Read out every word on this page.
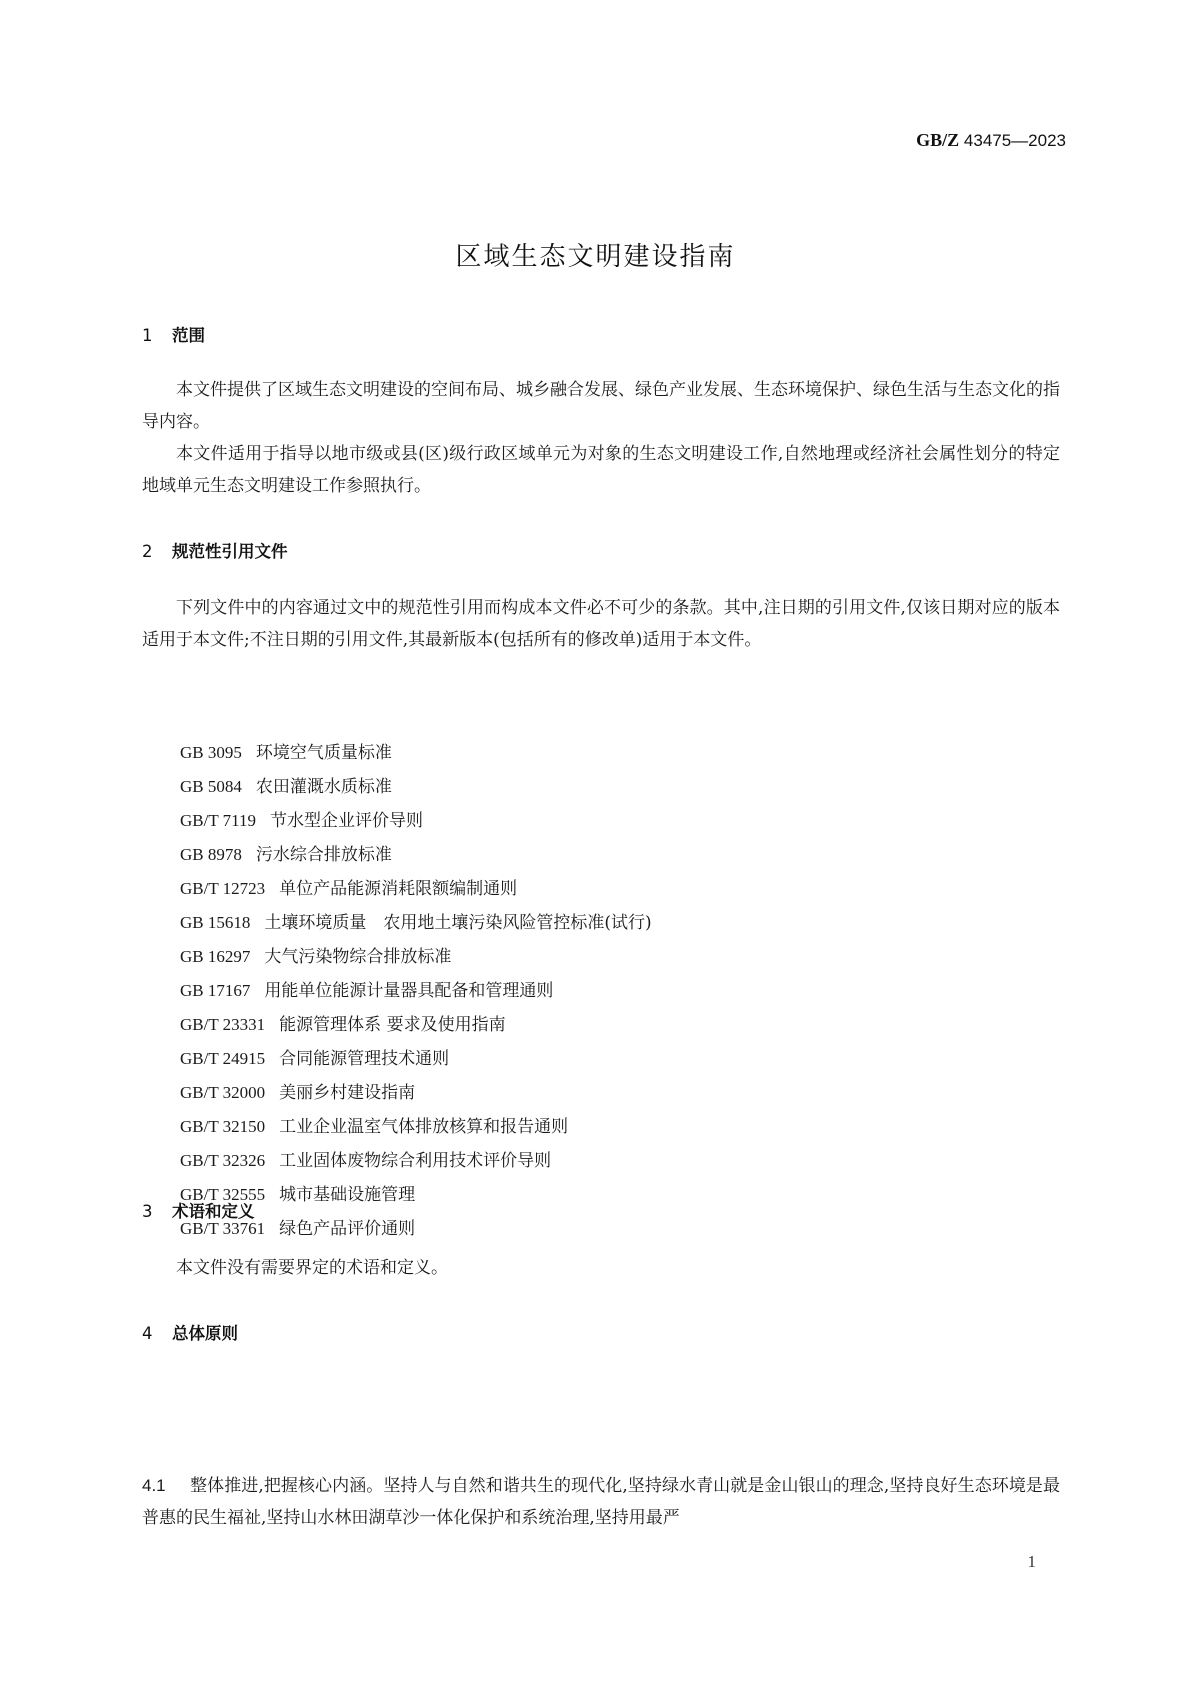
GB/Z 43475—2023
区域生态文明建设指南
1 范围
本文件提供了区域生态文明建设的空间布局、城乡融合发展、绿色产业发展、生态环境保护、绿色生活与生态文化的指导内容。
本文件适用于指导以地市级或县(区)级行政区域单元为对象的生态文明建设工作,自然地理或经济社会属性划分的特定地域单元生态文明建设工作参照执行。
2 规范性引用文件
下列文件中的内容通过文中的规范性引用而构成本文件必不可少的条款。其中,注日期的引用文件,仅该日期对应的版本适用于本文件;不注日期的引用文件,其最新版本(包括所有的修改单)适用于本文件。
GB 3095 环境空气质量标准
GB 5084 农田灌溉水质标准
GB/T 7119 节水型企业评价导则
GB 8978 污水综合排放标准
GB/T 12723 单位产品能源消耗限额编制通则
GB 15618 土壤环境质量　农用地土壤污染风险管控标准(试行)
GB 16297 大气污染物综合排放标准
GB 17167 用能单位能源计量器具配备和管理通则
GB/T 23331 能源管理体系 要求及使用指南
GB/T 24915 合同能源管理技术通则
GB/T 32000 美丽乡村建设指南
GB/T 32150 工业企业温室气体排放核算和报告通则
GB/T 32326 工业固体废物综合利用技术评价导则
GB/T 32555 城市基础设施管理
GB/T 33761 绿色产品评价通则
3 术语和定义
本文件没有需要界定的术语和定义。
4 总体原则
4.1 整体推进,把握核心内涵。坚持人与自然和谐共生的现代化,坚持绿水青山就是金山银山的理念,坚持良好生态环境是最普惠的民生福祉,坚持山水林田湖草沙一体化保护和系统治理,坚持用最严
1
